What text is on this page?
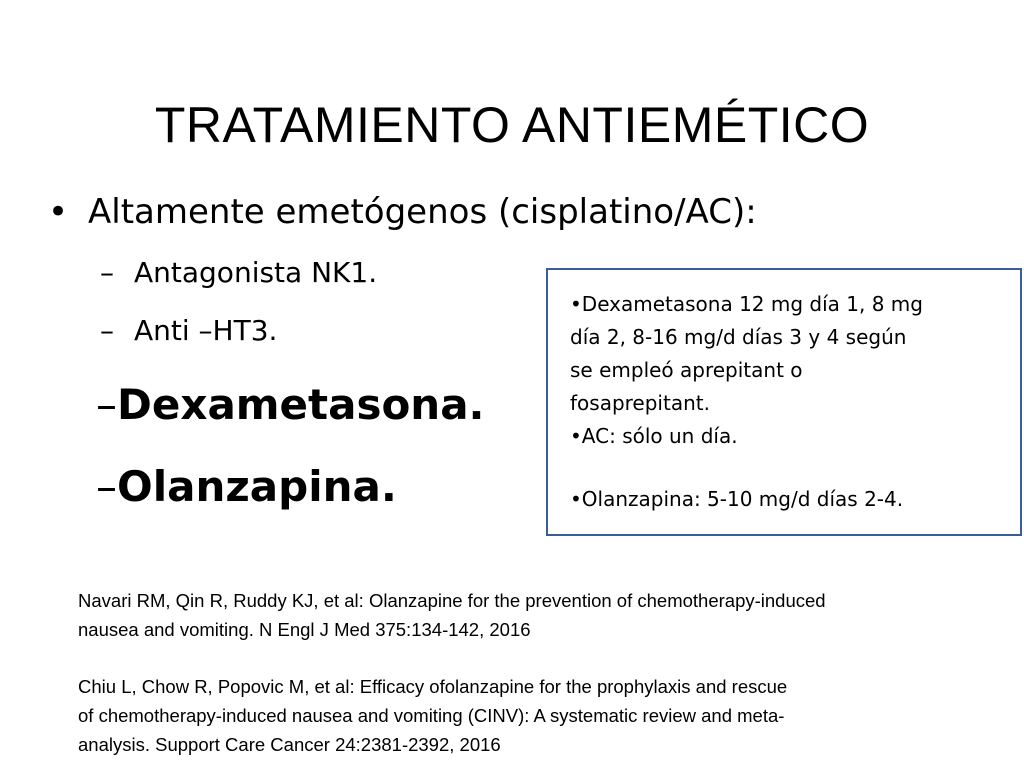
TRATAMIENTO ANTIEMÉTICO
• Altamente emetógenos (cisplatino/AC):
– Antagonista NK1.
– Anti –HT3.
–Dexametasona.
–Olanzapina.

•Dexametasona 12 mg día 1, 8 mg

día 2, 8-16 mg/d días 3 y 4 según

se empleó aprepitant o

fosaprepitant.

•AC: sólo un día.

•Olanzapina: 5-10 mg/d días 2-4.

Navari RM, Qin R, Ruddy KJ, et al: Olanzapine for the prevention of chemotherapy-induced
nausea and vomiting. N Engl J Med 375:134-142, 2016
Chiu L, Chow R, Popovic M, et al: Efficacy ofolanzapine for the prophylaxis and rescue
of chemotherapy-induced nausea and vomiting (CINV): A systematic review and meta-
analysis. Support Care Cancer 24:2381-2392, 2016
